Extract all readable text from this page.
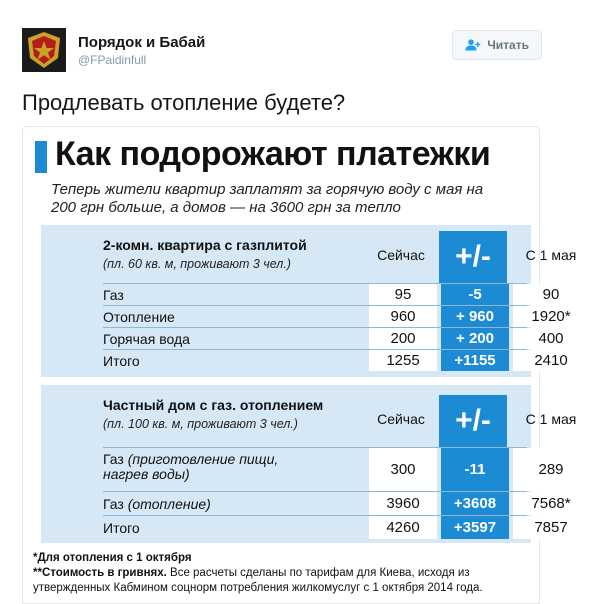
Порядок и Бабай
@FPaidinfull
Читать
Продлевать отопление будете?
Как подорожают платежки
Теперь жители квартир заплатят за горячую воду с мая на 200 грн больше, а домов — на 3600 грн за тепло
2-комн. квартира с газплитой
(пл. 60 кв. м, проживают 3 чел.)
Сейчас	+/-	С 1 мая
Газ	95	-5	90
Отопление	960	+ 960	1920*
Горячая вода	200	+ 200	400
Итого	1255	+1155	2410
Частный дом с газ. отоплением
(пл. 100 кв. м, проживают 3 чел.)	Сейчас	+/-	С 1 мая
Газ (приготовление пищи, нагрев воды)	300	-11	289
Газ
(отопление)	3960	+3608	7568*
Итого	4260	+3597	7857
*Для отопления с 1 октября
**Стоимость в гривнях. Все расчеты сделаны по тарифам для Киева, исходя из утвержденных Кабмином соцнорм потребления жилкомуслуг с 1 октября 2014 года.
